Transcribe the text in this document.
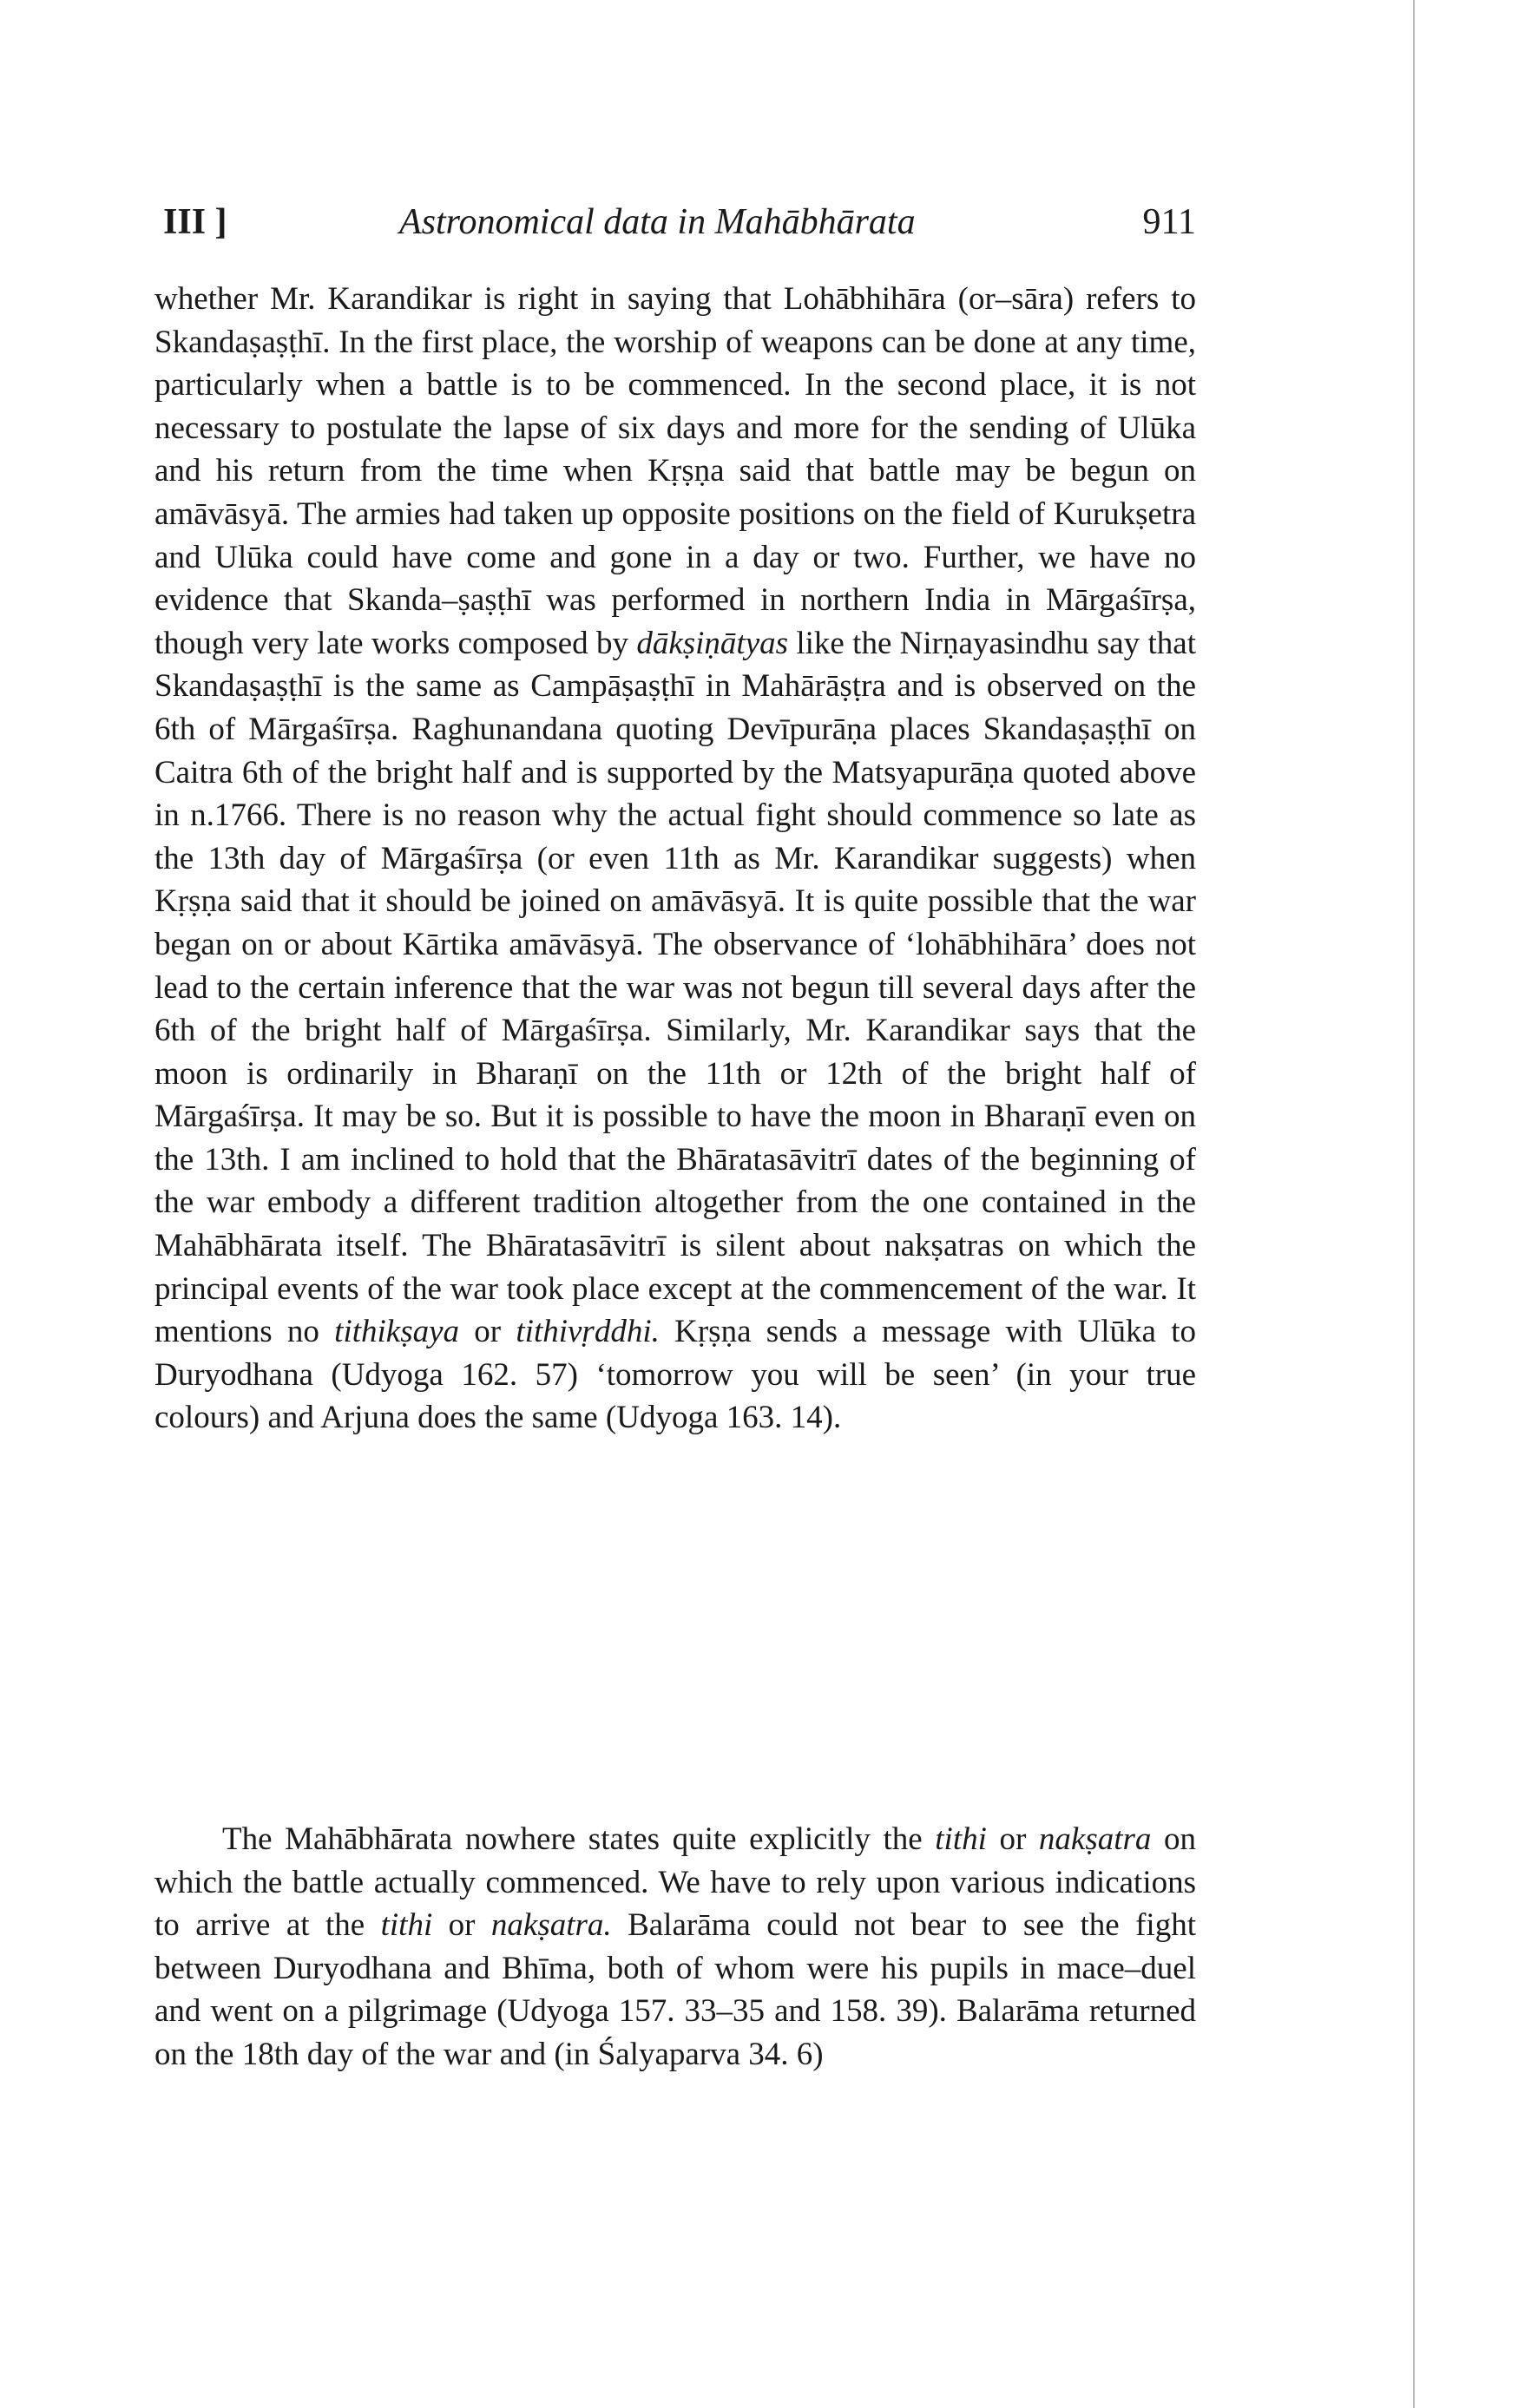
III ]	Astronomical data in Mahābhārata	911

whether Mr. Karandikar is right in saying that Lohābhihāra (or–sāra) refers to Skandaṣaṣṭhī. In the first place, the worship of weapons can be done at any time, particularly when a battle is to be commenced. In the second place, it is not necessary to postulate the lapse of six days and more for the sending of Ulūka and his return from the time when Kṛṣṇa said that battle may be begun on amāvāsyā. The armies had taken up opposite positions on the field of Kurukṣetra and Ulūka could have come and gone in a day or two. Further, we have no evidence that Skanda–ṣaṣṭhī was performed in northern India in Mārgaśīrṣa, though very late works composed by dākṣiṇātyas like the Nirṇayasindhu say that Skandaṣaṣṭhī is the same as Campāṣaṣṭhī in Mahārāṣṭra and is observed on the 6th of Mārgaśīrṣa. Raghunandana quoting Devīpurāṇa places Skandaṣaṣṭhī on Caitra 6th of the bright half and is supported by the Matsyapurāṇa quoted above in n.1766. There is no reason why the actual fight should commence so late as the 13th day of Mārgaśīrṣa (or even 11th as Mr. Karandikar suggests) when Kṛṣṇa said that it should be joined on amāvāsyā. It is quite possible that the war began on or about Kārtika amāvāsyā. The observance of ‘lohābhihāra’ does not lead to the certain inference that the war was not begun till several days after the 6th of the bright half of Mārgaśīrṣa. Similarly, Mr. Karandikar says that the moon is ordinarily in Bharaṇī on the 11th or 12th of the bright half of Mārgaśīrṣa. It may be so. But it is possible to have the moon in Bharaṇī even on the 13th. I am inclined to hold that the Bhāratasāvitrī dates of the beginning of the war embody a different tradition altogether from the one contained in the Mahābhārata itself. The Bhāratasāvitrī is silent about nakṣatras on which the principal events of the war took place except at the commencement of the war. It mentions no tithikṣaya or tithivṛddhi. Kṛṣṇa sends a message with Ulūka to Duryodhana (Udyoga 162. 57) ‘tomorrow you will be seen’ (in your true colours) and Arjuna does the same (Udyoga 163. 14).

The Mahābhārata nowhere states quite explicitly the tithi or nakṣatra on which the battle actually commenced. We have to rely upon various indications to arrive at the tithi or nakṣatra. Balarāma could not bear to see the fight between Duryodhana and Bhīma, both of whom were his pupils in mace–duel and went on a pilgrimage (Udyoga 157. 33–35 and 158. 39). Balarāma returned on the 18th day of the war and (in Śalyaparva 34. 6)
